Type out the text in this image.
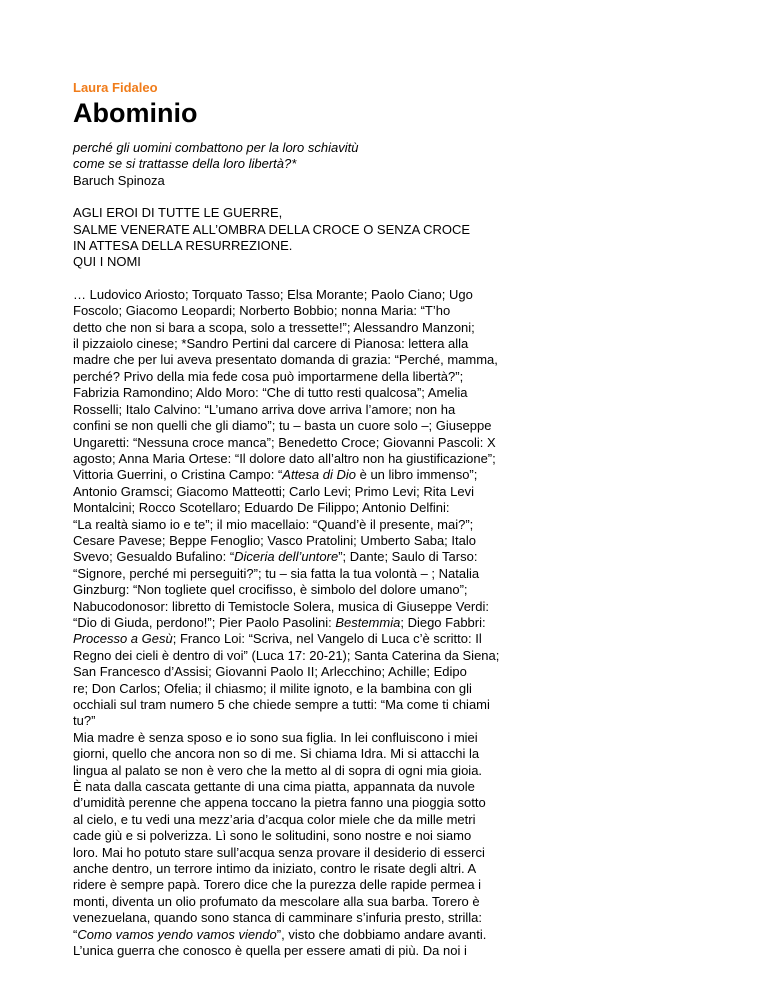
Laura Fidaleo

Abominio

perché gli uomini combattono per la loro schiavitù

come se si trattasse della loro libertà?*

Baruch Spinoza

AGLI EROI DI TUTTE LE GUERRE,

SALME VENERATE ALL’OMBRA DELLA CROCE O SENZA CROCE

IN ATTESA DELLA RESURREZIONE.

QUI I NOMI

… Ludovico Ariosto; Torquato Tasso; Elsa Morante; Paolo Ciano; Ugo

Foscolo; Giacomo Leopardi; Norberto Bobbio; nonna Maria: “T’ho

detto che non si bara a scopa, solo a tressette!”; Alessandro Manzoni;

il pizzaiolo cinese; *Sandro Pertini dal carcere di Pianosa: lettera alla

madre che per lui aveva presentato domanda di grazia: “Perché, mamma,

perché? Privo della mia fede cosa può importarmene della libertà?”;

Fabrizia Ramondino; Aldo Moro: “Che di tutto resti qualcosa”; Amelia

Rosselli; Italo Calvino: “L’umano arriva dove arriva l’amore; non ha

confini se non quelli che gli diamo”; tu – basta un cuore solo –; Giuseppe

Ungaretti: “Nessuna croce manca”; Benedetto Croce; Giovanni Pascoli: X

agosto; Anna Maria Ortese: “Il dolore dato all’altro non ha giustificazione”;

Vittoria Guerrini, o Cristina Campo: “Attesa di Dio è un libro immenso”;

Antonio Gramsci; Giacomo Matteotti; Carlo Levi; Primo Levi; Rita Levi

Montalcini; Rocco Scotellaro; Eduardo De Filippo; Antonio Delfini:

“La realtà siamo io e te”; il mio macellaio: “Quand’è il presente, mai?”;

Cesare Pavese; Beppe Fenoglio; Vasco Pratolini; Umberto Saba; Italo

Svevo; Gesualdo Bufalino: “Diceria dell’untore”; Dante; Saulo di Tarso:

“Signore, perché mi perseguiti?”; tu – sia fatta la tua volontà – ; Natalia

Ginzburg: “Non togliete quel crocifisso, è simbolo del dolore umano”;

Nabucodonosor: libretto di Temistocle Solera, musica di Giuseppe Verdi:

“Dio di Giuda, perdono!”; Pier Paolo Pasolini: Bestemmia; Diego Fabbri:

Processo a Gesù; Franco Loi: “Scriva, nel Vangelo di Luca c’è scritto: Il

Regno dei cieli è dentro di voi” (Luca 17: 20-21); Santa Caterina da Siena;

San Francesco d’Assisi; Giovanni Paolo II; Arlecchino; Achille; Edipo

re; Don Carlos; Ofelia; il chiasmo; il milite ignoto, e la bambina con gli

occhiali sul tram numero 5 che chiede sempre a tutti: “Ma come ti chiami

tu?”

Mia madre è senza sposo e io sono sua figlia. In lei confluiscono i miei

giorni, quello che ancora non so di me. Si chiama Idra. Mi si attacchi la

lingua al palato se non è vero che la metto al di sopra di ogni mia gioia.

È nata dalla cascata gettante di una cima piatta, appannata da nuvole

d’umidità perenne che appena toccano la pietra fanno una pioggia sotto

al cielo, e tu vedi una mezz’aria d’acqua color miele che da mille metri

cade giù e si polverizza. Lì sono le solitudini, sono nostre e noi siamo

loro. Mai ho potuto stare sull’acqua senza provare il desiderio di esserci

anche dentro, un terrore intimo da iniziato, contro le risate degli altri. A

ridere è sempre papà. Torero dice che la purezza delle rapide permea i

monti, diventa un olio profumato da mescolare alla sua barba. Torero è

venezuelana, quando sono stanca di camminare s’infuria presto, strilla:

“Como vamos yendo vamos viendo”, visto che dobbiamo andare avanti.

L’unica guerra che conosco è quella per essere amati di più. Da noi i
